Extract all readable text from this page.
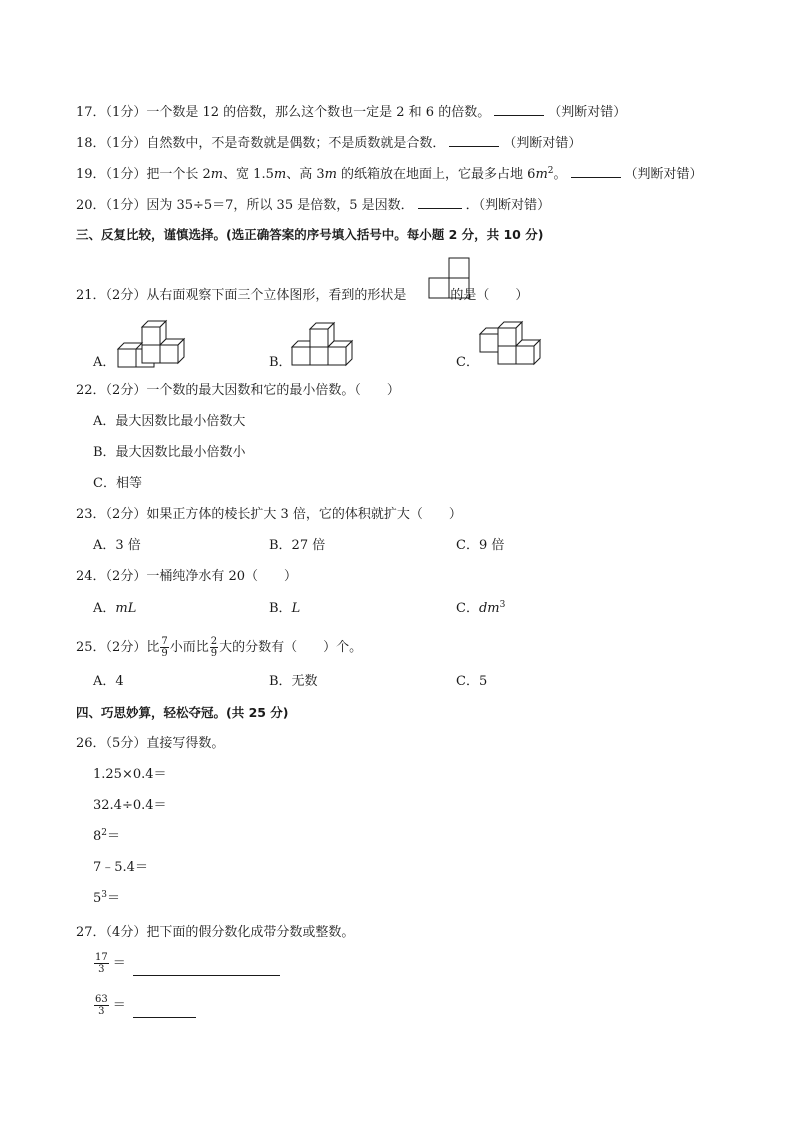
17．（1分）一个数是 12 的倍数，那么这个数也一定是 2 和 6 的倍数。	（判断对错）
18．（1分）自然数中，不是奇数就是偶数；不是质数就是合数．	（判断对错）
19．（1分）把一个长 2m、宽 1.5m、高 3m 的纸箱放在地面上，它最多占地 $6m^2$。	（判断对错）
20．（1分）因为 35÷5＝7，所以 35 是倍数，5 是因数．	．（判断对错）
三、反复比较，谨慎选择。(选正确答案的序号填入括号中。每小题 2 分，共 10 分)
21．（2分）从右面观察下面三个立体图形，看到的形状是	的是（　　）
A．	B．	C．
22．（2分）一个数的最大因数和它的最小倍数。（　　）
A．最大因数比最小倍数大
B．最大因数比最小倍数小
C．相等
23．（2分）如果正方体的棱长扩大 3 倍，它的体积就扩大（　　）
A．3 倍	B．27 倍	C．9 倍
24．（2分）一桶纯净水有 20（　　）
A．mL	B．L	C．$dm^3$
25．（2分）比 $\frac{7}{9}$ 小而比 $\frac{2}{9}$ 大的分数有（　　）个。
A．4	B．无数	C．5
四、巧思妙算，轻松夺冠。(共 25 分)
26．（5分）直接写得数。
1.25×0.4＝
32.4÷0.4＝
$8^2=$
7﹣5.4＝
$5^3=$
27．（4分）把下面的假分数化成带分数或整数。
$\frac{17}{3}$ ＝
$\frac{63}{3}$ ＝
